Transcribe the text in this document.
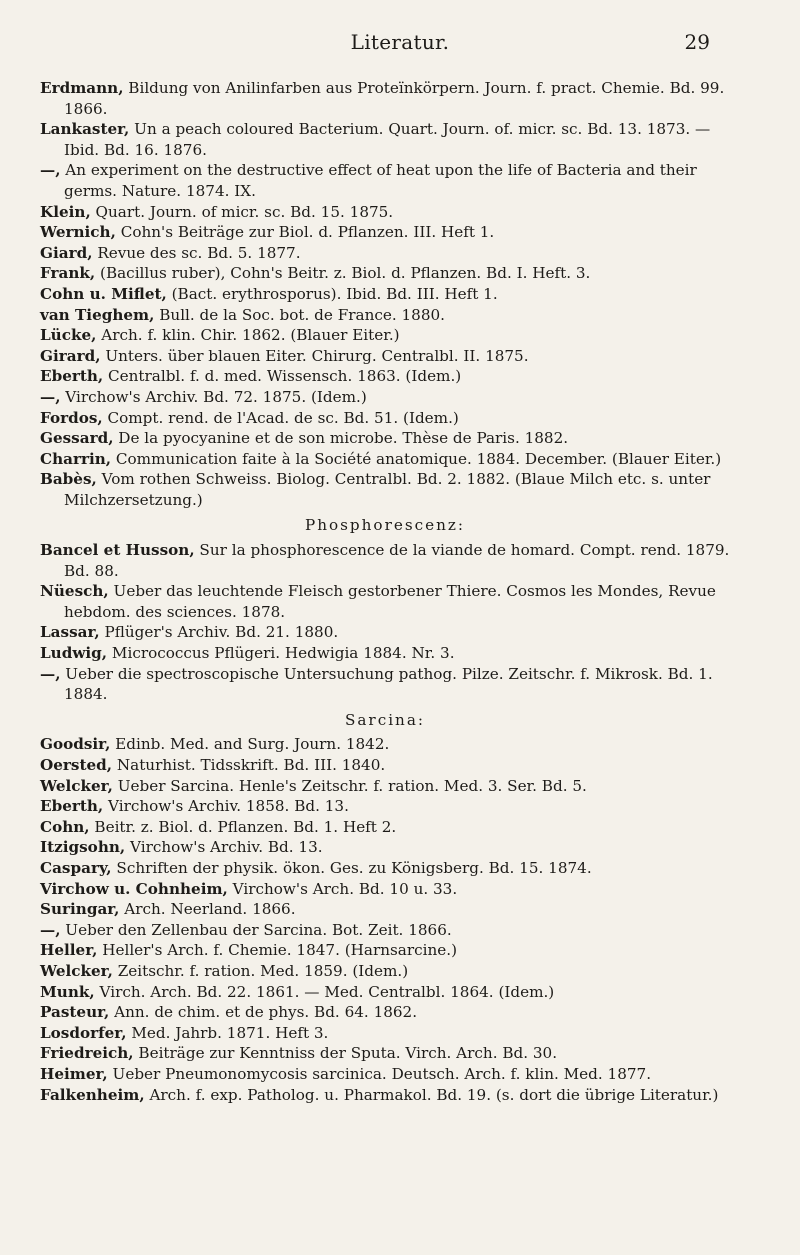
Literatur.	29

Erdmann, Bildung von Anilinfarben aus Proteïnkörpern. Journ. f. pract. Chemie. Bd. 99. 1866.

Lankaster, Un a peach coloured Bacterium. Quart. Journ. of. micr. sc. Bd. 13. 1873. — Ibid. Bd. 16. 1876.

—, An experiment on the destructive effect of heat upon the life of Bacteria and their germs. Nature. 1874. IX.

Klein, Quart. Journ. of micr. sc. Bd. 15. 1875.

Wernich, Cohn's Beiträge zur Biol. d. Pflanzen. III. Heft 1.

Giard, Revue des sc. Bd. 5. 1877.

Frank, (Bacillus ruber), Cohn's Beitr. z. Biol. d. Pflanzen. Bd. I. Heft. 3.

Cohn u. Miflet, (Bact. erythrosporus). Ibid. Bd. III. Heft 1.

van Tieghem, Bull. de la Soc. bot. de France. 1880.

Lücke, Arch. f. klin. Chir. 1862. (Blauer Eiter.)

Girard, Unters. über blauen Eiter. Chirurg. Centralbl. II. 1875.

Eberth, Centralbl. f. d. med. Wissensch. 1863. (Idem.)

—, Virchow's Archiv. Bd. 72. 1875. (Idem.)

Fordos, Compt. rend. de l'Acad. de sc. Bd. 51. (Idem.)

Gessard, De la pyocyanine et de son microbe. Thèse de Paris. 1882.

Charrin, Communication faite à la Société anatomique. 1884. December. (Blauer Eiter.)

Babès, Vom rothen Schweiss. Biolog. Centralbl. Bd. 2. 1882. (Blaue Milch etc. s. unter Milchzersetzung.)

Phosphorescenz:

Bancel et Husson, Sur la phosphorescence de la viande de homard. Compt. rend. 1879. Bd. 88.

Nüesch, Ueber das leuchtende Fleisch gestorbener Thiere. Cosmos les Mondes, Revue hebdom. des sciences. 1878.

Lassar, Pflüger's Archiv. Bd. 21. 1880.

Ludwig, Micrococcus Pflügeri. Hedwigia 1884. Nr. 3.

—, Ueber die spectroscopische Untersuchung pathog. Pilze. Zeitschr. f. Mikrosk. Bd. 1. 1884.

Sarcina:

Goodsir, Edinb. Med. and Surg. Journ. 1842.

Oersted, Naturhist. Tidsskrift. Bd. III. 1840.

Welcker, Ueber Sarcina. Henle's Zeitschr. f. ration. Med. 3. Ser. Bd. 5.

Eberth, Virchow's Archiv. 1858. Bd. 13.

Cohn, Beitr. z. Biol. d. Pflanzen. Bd. 1. Heft 2.

Itzigsohn, Virchow's Archiv. Bd. 13.

Caspary, Schriften der physik. ökon. Ges. zu Königsberg. Bd. 15. 1874.

Virchow u. Cohnheim, Virchow's Arch. Bd. 10 u. 33.

Suringar, Arch. Neerland. 1866.

—, Ueber den Zellenbau der Sarcina. Bot. Zeit. 1866.

Heller, Heller's Arch. f. Chemie. 1847. (Harnsarcine.)

Welcker, Zeitschr. f. ration. Med. 1859. (Idem.)

Munk, Virch. Arch. Bd. 22. 1861. — Med. Centralbl. 1864. (Idem.)

Pasteur, Ann. de chim. et de phys. Bd. 64. 1862.

Losdorfer, Med. Jahrb. 1871. Heft 3.

Friedreich, Beiträge zur Kenntniss der Sputa. Virch. Arch. Bd. 30.

Heimer, Ueber Pneumonomycosis sarcinica. Deutsch. Arch. f. klin. Med. 1877.

Falkenheim, Arch. f. exp. Patholog. u. Pharmakol. Bd. 19. (s. dort die übrige Literatur.)
